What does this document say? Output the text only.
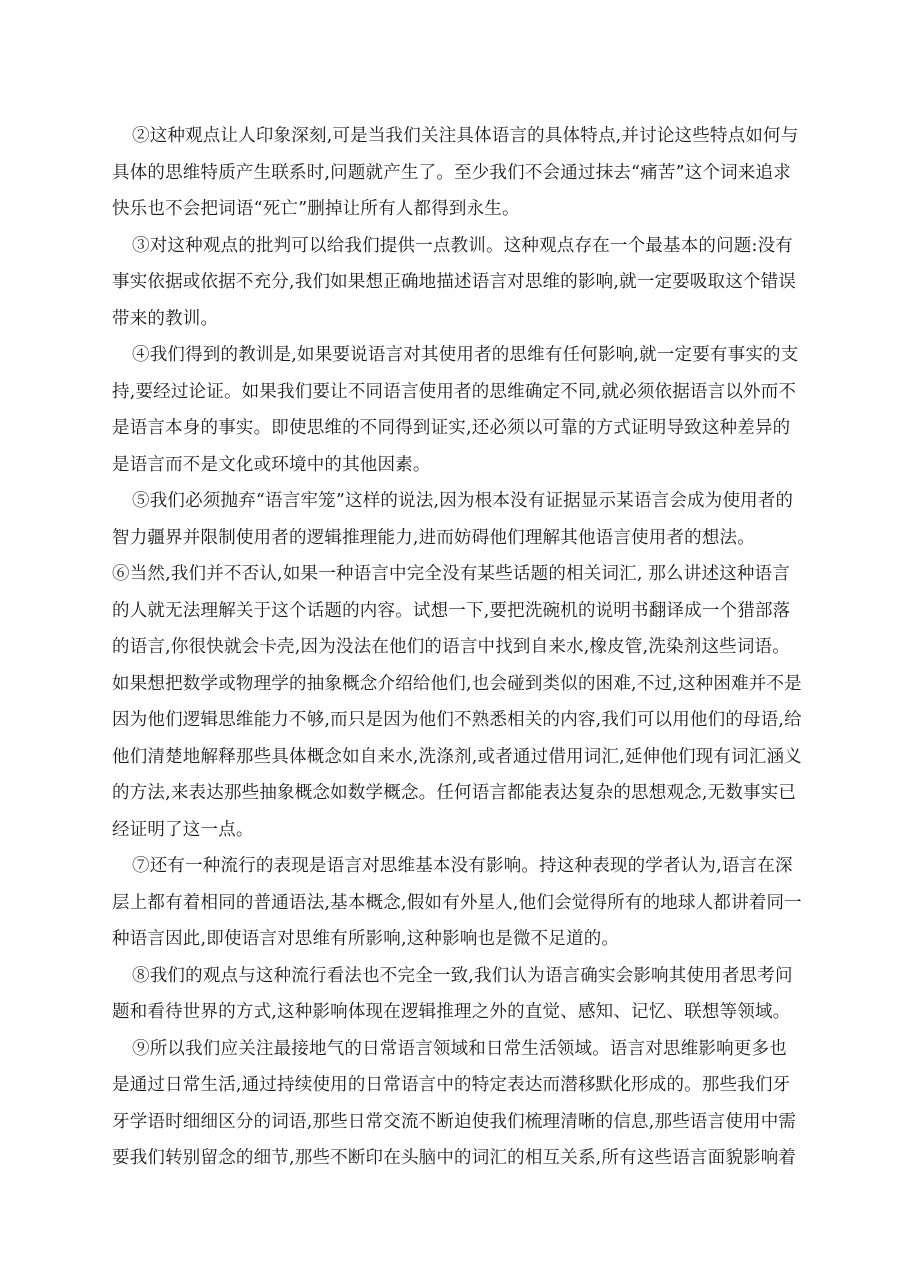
②这种观点让人印象深刻,可是当我们关注具体语言的具体特点,并讨论这些特点如何与
具体的思维特质产生联系时,问题就产生了。至少我们不会通过抹去“痛苦”这个词来追求
快乐也不会把词语“死亡”删掉让所有人都得到永生。
③对这种观点的批判可以给我们提供一点教训。这种观点存在一个最基本的问题:没有
事实依据或依据不充分,我们如果想正确地描述语言对思维的影响,就一定要吸取这个错误
带来的教训。
④我们得到的教训是,如果要说语言对其使用者的思维有任何影响,就一定要有事实的支
持,要经过论证。如果我们要让不同语言使用者的思维确定不同,就必须依据语言以外而不
是语言本身的事实。即使思维的不同得到证实,还必须以可靠的方式证明导致这种差异的
是语言而不是文化或环境中的其他因素。
⑤我们必须抛弃“语言牢笼”这样的说法,因为根本没有证据显示某语言会成为使用者的
智力疆界并限制使用者的逻辑推理能力,进而妨碍他们理解其他语言使用者的想法。
⑥当然,我们并不否认,如果一种语言中完全没有某些话题的相关词汇, 那么讲述这种语言
的人就无法理解关于这个话题的内容。试想一下,要把洗碗机的说明书翻译成一个猎部落
的语言,你很快就会卡壳,因为没法在他们的语言中找到自来水,橡皮管,洗染剂这些词语。
如果想把数学或物理学的抽象概念介绍给他们,也会碰到类似的困难,不过,这种困难并不是
因为他们逻辑思维能力不够,而只是因为他们不熟悉相关的内容,我们可以用他们的母语,给
他们清楚地解释那些具体概念如自来水,洗涤剂,或者通过借用词汇,延伸他们现有词汇涵义
的方法,来表达那些抽象概念如数学概念。任何语言都能表达复杂的思想观念,无数事实已
经证明了这一点。
⑦还有一种流行的表现是语言对思维基本没有影响。持这种表现的学者认为,语言在深
层上都有着相同的普通语法,基本概念,假如有外星人,他们会觉得所有的地球人都讲着同一
种语言因此,即使语言对思维有所影响,这种影响也是微不足道的。
⑧我们的观点与这种流行看法也不完全一致,我们认为语言确实会影响其使用者思考问
题和看待世界的方式,这种影响体现在逻辑推理之外的直觉、感知、记忆、联想等领域。
⑨所以我们应关注最接地气的日常语言领域和日常生活领域。语言对思维影响更多也
是通过日常生活,通过持续使用的日常语言中的特定表达而潜移默化形成的。那些我们牙
牙学语时细细区分的词语,那些日常交流不断迫使我们梳理清晰的信息,那些语言使用中需
要我们转别留念的细节,那些不断印在头脑中的词汇的相互关系,所有这些语言面貌影响着
